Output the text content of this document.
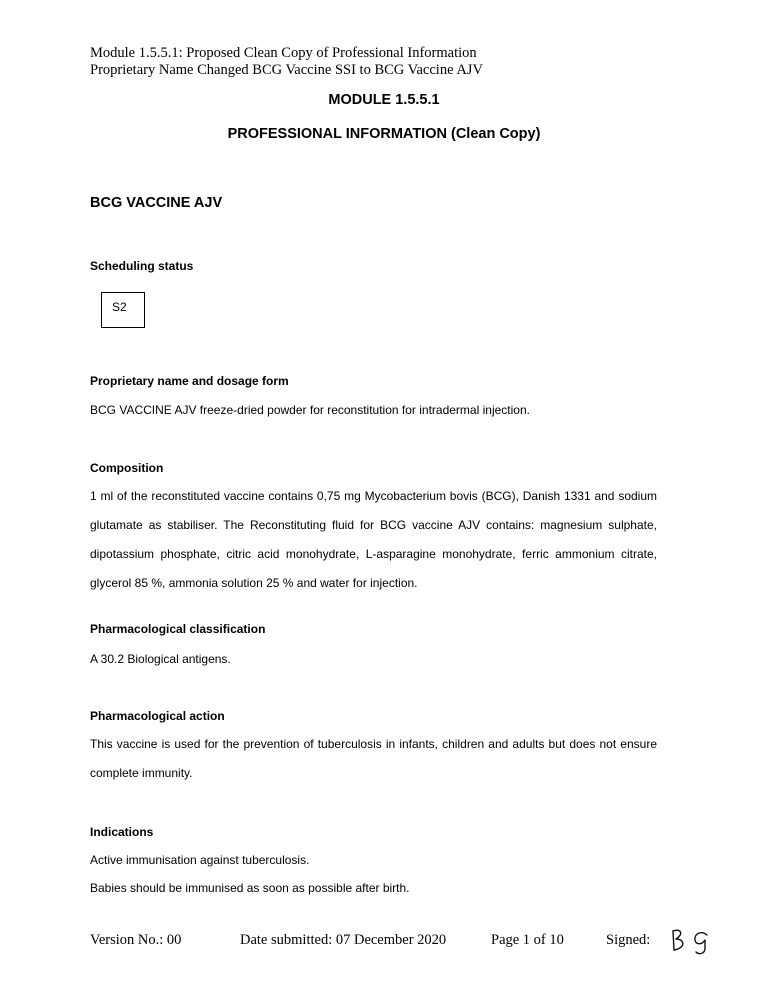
Module 1.5.5.1: Proposed Clean Copy of Professional Information
Proprietary Name Changed BCG Vaccine SSI to BCG Vaccine AJV
MODULE 1.5.5.1
PROFESSIONAL INFORMATION (Clean Copy)
BCG VACCINE AJV
Scheduling status
S2
Proprietary name and dosage form
BCG VACCINE AJV freeze-dried powder for reconstitution for intradermal injection.
Composition
1 ml of the reconstituted vaccine contains 0,75 mg Mycobacterium bovis (BCG), Danish 1331 and sodium glutamate as stabiliser. The Reconstituting fluid for BCG vaccine AJV contains: magnesium sulphate, dipotassium phosphate, citric acid monohydrate, L-asparagine monohydrate, ferric ammonium citrate, glycerol 85 %, ammonia solution 25 % and water for injection.
Pharmacological classification
A 30.2 Biological antigens.
Pharmacological action
This vaccine is used for the prevention of tuberculosis in infants, children and adults but does not ensure complete immunity.
Indications
Active immunisation against tuberculosis.
Babies should be immunised as soon as possible after birth.
Version No.: 00	Date submitted: 07 December 2020	Page 1 of 10	Signed:
